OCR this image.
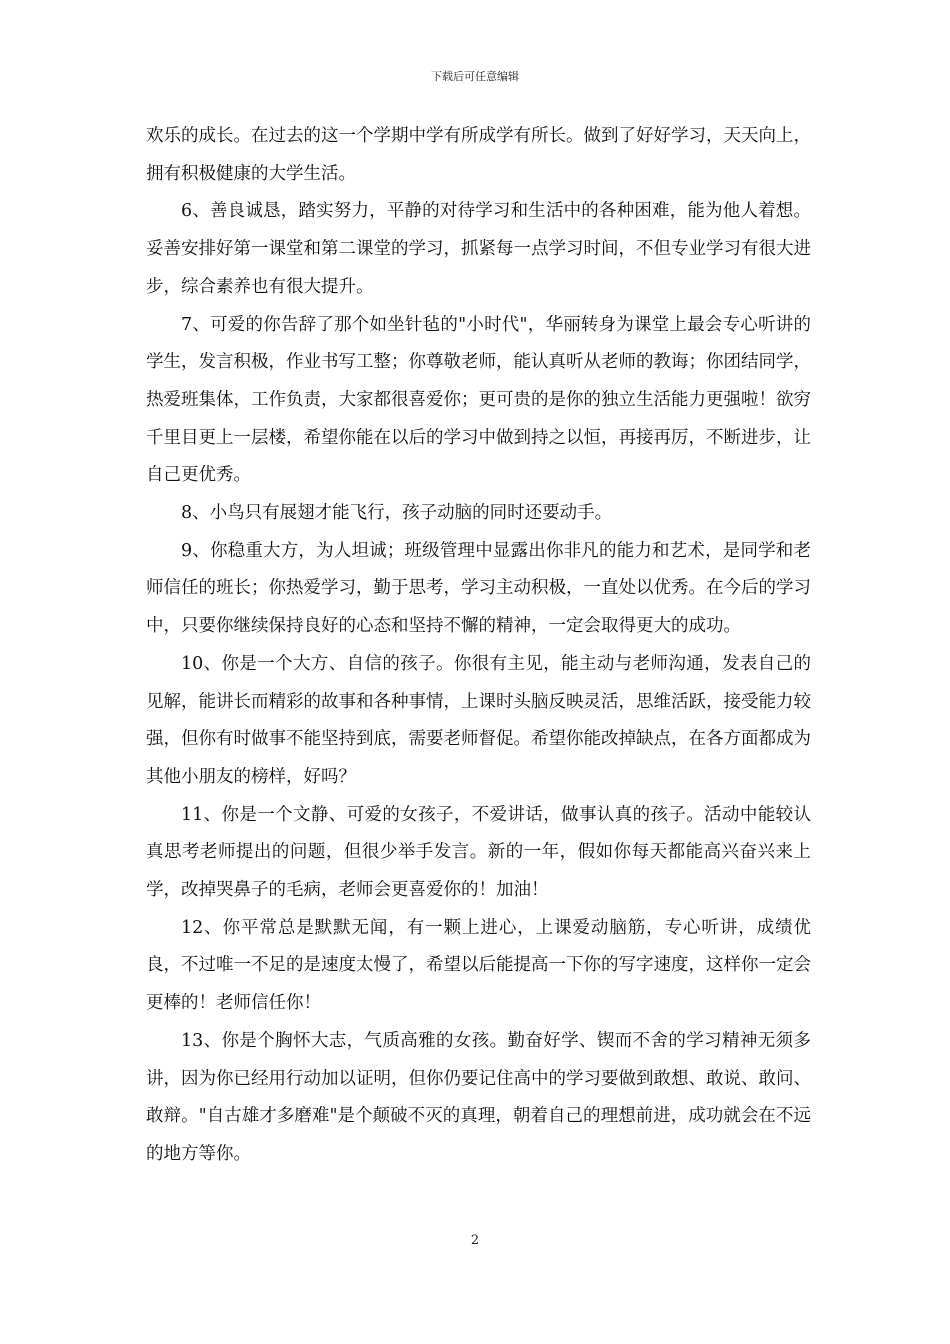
下载后可任意编辑

欢乐的成长。在过去的这一个学期中学有所成学有所长。做到了好好学习，天天向上，拥有积极健康的大学生活。

6、善良诚恳，踏实努力，平静的对待学习和生活中的各种困难，能为他人着想。妥善安排好第一课堂和第二课堂的学习，抓紧每一点学习时间，不但专业学习有很大进步，综合素养也有很大提升。

7、可爱的你告辞了那个如坐针毡的"小时代"，华丽转身为课堂上最会专心听讲的学生，发言积极，作业书写工整；你尊敬老师，能认真听从老师的教诲；你团结同学，热爱班集体，工作负责，大家都很喜爱你；更可贵的是你的独立生活能力更强啦！欲穷千里目更上一层楼，希望你能在以后的学习中做到持之以恒，再接再厉，不断进步，让自己更优秀。

8、小鸟只有展翅才能飞行，孩子动脑的同时还要动手。

9、你稳重大方，为人坦诚；班级管理中显露出你非凡的能力和艺术，是同学和老师信任的班长；你热爱学习，勤于思考，学习主动积极，一直处以优秀。在今后的学习中，只要你继续保持良好的心态和坚持不懈的精神，一定会取得更大的成功。

10、你是一个大方、自信的孩子。你很有主见，能主动与老师沟通，发表自己的见解，能讲长而精彩的故事和各种事情，上课时头脑反映灵活，思维活跃，接受能力较强，但你有时做事不能坚持到底，需要老师督促。希望你能改掉缺点，在各方面都成为其他小朋友的榜样，好吗？

11、你是一个文静、可爱的女孩子，不爱讲话，做事认真的孩子。活动中能较认真思考老师提出的问题，但很少举手发言。新的一年，假如你每天都能高兴奋兴来上学，改掉哭鼻子的毛病，老师会更喜爱你的！加油！

12、你平常总是默默无闻，有一颗上进心，上课爱动脑筋，专心听讲，成绩优良，不过唯一不足的是速度太慢了，希望以后能提高一下你的写字速度，这样你一定会更棒的！老师信任你！

13、你是个胸怀大志，气质高雅的女孩。勤奋好学、锲而不舍的学习精神无须多讲，因为你已经用行动加以证明，但你仍要记住高中的学习要做到敢想、敢说、敢问、敢辩。"自古雄才多磨难"是个颠破不灭的真理，朝着自己的理想前进，成功就会在不远的地方等你。

2
